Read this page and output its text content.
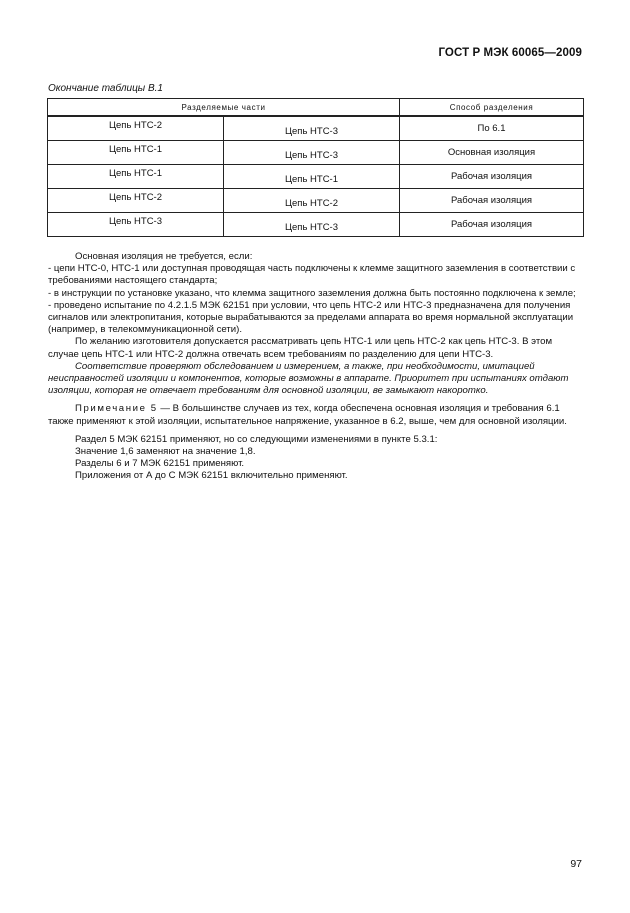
ГОСТ Р МЭК 60065—2009
Окончание таблицы В.1
Разделяемые части		Способ разделения
Цепь НТС-2	Цепь НТС-3	По 6.1
Цепь НТС-1	Цепь НТС-3	Основная изоляция
Цепь НТС-1	Цепь НТС-1	Рабочая изоляция
Цепь НТС-2	Цепь НТС-2	Рабочая изоляция
Цепь НТС-3	Цепь НТС-3	Рабочая изоляция

Основная изоляция не требуется, если:

- цепи НТС-0, НТС-1 или доступная проводящая часть подключены к клемме защитного заземления в соответствии с требованиями настоящего стандарта;

- в инструкции по установке указано, что клемма защитного заземления должна быть постоянно подключена к земле;

- проведено испытание по 4.2.1.5 МЭК 62151 при условии, что цепь НТС-2 или НТС-3 предназначена для получения сигналов или электропитания, которые вырабатываются за пределами аппарата во время нормальной эксплуатации (например, в телекоммуникационной сети).

По желанию изготовителя допускается рассматривать цепь НТС-1 или цепь НТС-2 как цепь НТС-3. В этом случае цепь НТС-1 или НТС-2 должна отвечать всем требованиям по разделению для цепи НТС-3.

Соответствие проверяют обследованием и измерением, а также, при необходимости, имитацией неисправностей изоляции и компонентов, которые возможны в аппарате. Приоритет при испытаниях отдают изоляции, которая не отвечает требованиям для основной изоляции, ве замыкают накоротко.

Примечание 5 — В большинстве случаев из тех, когда обеспечена основная изоляция и требования 6.1 также применяют к этой изоляции, испытательное напряжение, указанное в 6.2, выше, чем для основной изоляции.

Раздел 5 МЭК 62151 применяют, но со следующими изменениями в пункте 5.3.1:

Значение 1,6 заменяют на значение 1,8.

Разделы 6 и 7 МЭК 62151 применяют.

Приложения от А до С МЭК 62151 включительно применяют.

97
